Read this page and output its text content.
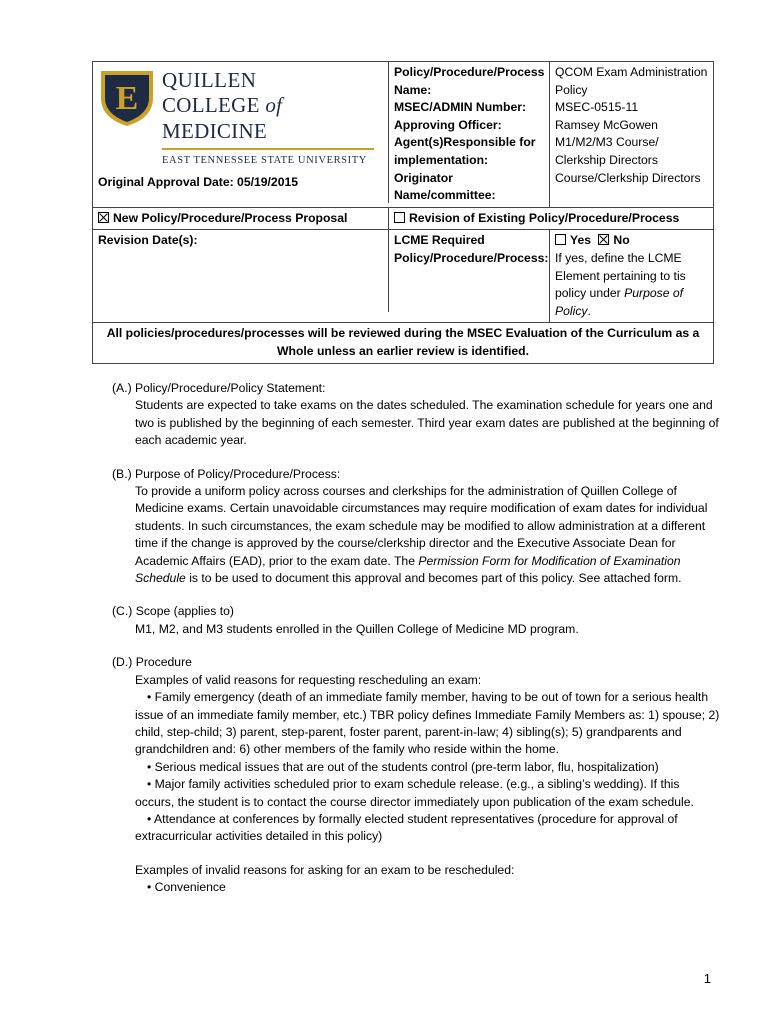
E QUILLEN
COLLEGE of MEDICINE
EAST TENNESSEE STATE UNIVERSITY
Original Approval Date: 05/19/2015
Policy/Procedure/Process Name:
MSEC/ADMIN Number:
Approving Officer:
Agent(s)Responsible for implementation:
Originator Name/committee:
QCOM Exam Administration Policy
MSEC-0515-11
Ramsey McGowen
M1/M2/M3 Course/ Clerkship Directors
Course/Clerkship Directors
New Policy/Procedure/Process Proposal	Revision of Existing Policy/Procedure/Process
Revision Date(s):	LCME Required Policy/Procedure/Process:
Yes No
If yes, define the LCME Element pertaining to tis policy under Purpose of Policy.
All policies/procedures/processes will be reviewed during the MSEC Evaluation of the Curriculum as a Whole unless an earlier review is identified.

(A.) Policy/Procedure/Policy Statement:

Students are expected to take exams on the dates scheduled. The examination schedule for years one and two is published by the beginning of each semester. Third year exam dates are published at the beginning of each academic year.

(B.) Purpose of Policy/Procedure/Process:

To provide a uniform policy across courses and clerkships for the administration of Quillen College of Medicine exams. Certain unavoidable circumstances may require modification of exam dates for individual students. In such circumstances, the exam schedule may be modified to allow administration at a different time if the change is approved by the course/clerkship director and the Executive Associate Dean for Academic Affairs (EAD), prior to the exam date. The Permission Form for Modification of Examination Schedule is to be used to document this approval and becomes part of this policy. See attached form.

(C.) Scope (applies to)

M1, M2, and M3 students enrolled in the Quillen College of Medicine MD program.

(D.) Procedure

Examples of valid reasons for requesting rescheduling an exam:

• Family emergency (death of an immediate family member, having to be out of town for a serious health issue of an immediate family member, etc.) TBR policy defines Immediate Family Members as: 1) spouse; 2) child, step-child; 3) parent, step-parent, foster parent, parent-in-law; 4) sibling(s); 5) grandparents and grandchildren and: 6) other members of the family who reside within the home.
• Serious medical issues that are out of the students control (pre-term labor, flu, hospitalization)
• Major family activities scheduled prior to exam schedule release. (e.g., a sibling’s wedding). If this occurs, the student is to contact the course director immediately upon publication of the exam schedule.
• Attendance at conferences by formally elected student representatives (procedure for approval of extracurricular activities detailed in this policy)

Examples of invalid reasons for asking for an exam to be rescheduled:

• Convenience
1
